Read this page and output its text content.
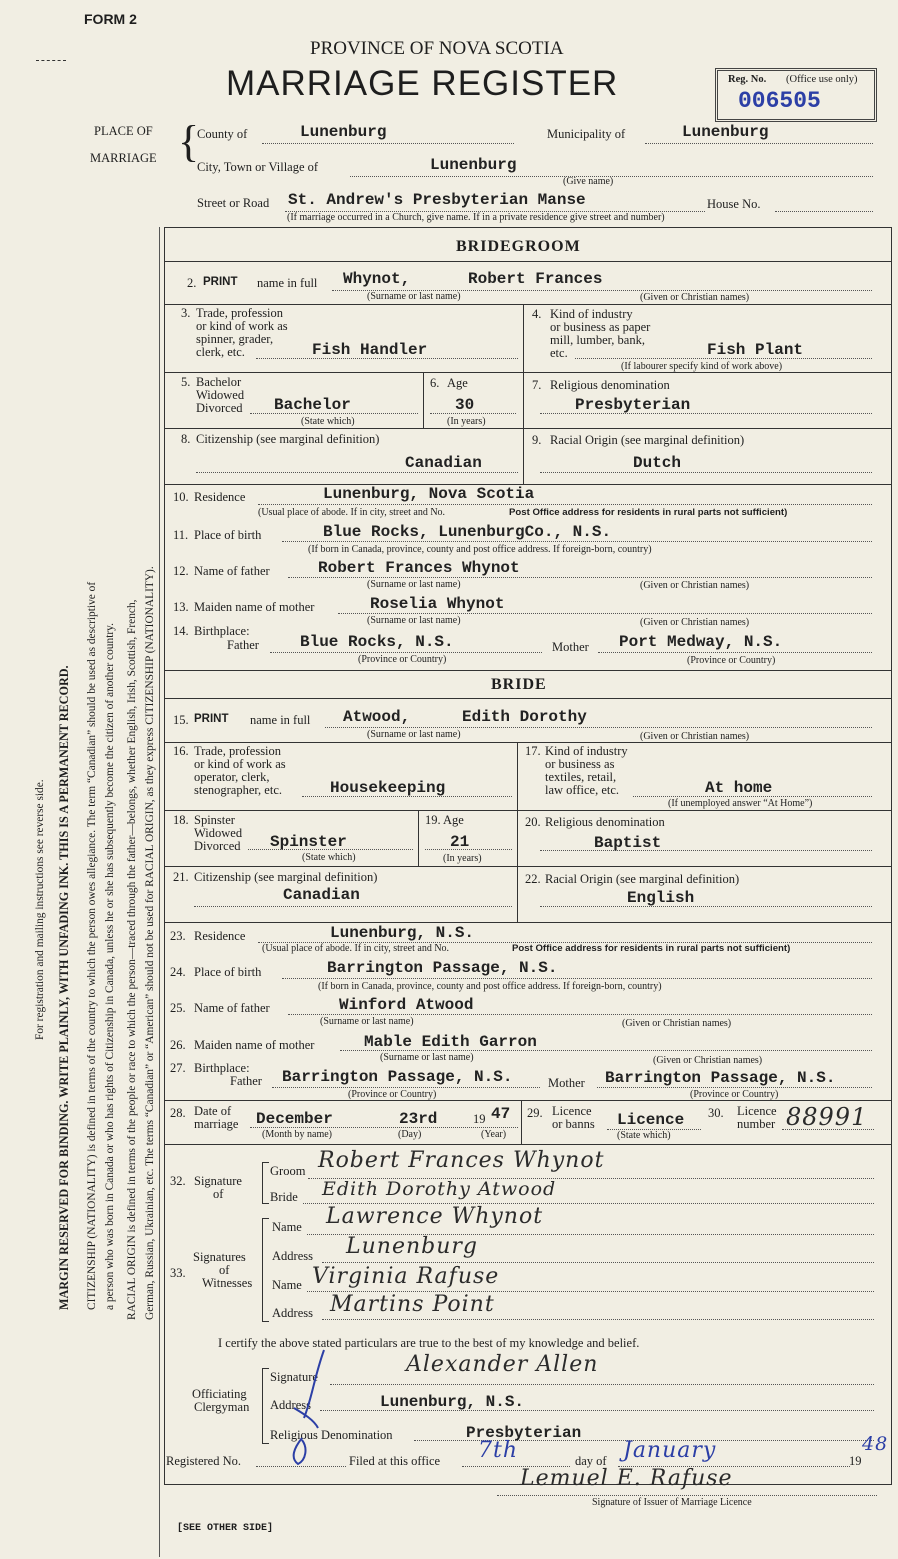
FORM 2
PROVINCE OF NOVA SCOTIA
MARRIAGE REGISTER	Reg. No. (Office use only)
006505
PLACE OF
MARRIAGE {
County of	Lunenburg	Municipality of	Lunenburg
City, Town or Village of	Lunenburg
(Give name)
Street or Road St. Andrew's Presbyterian Manse	House No.
(If marriage occurred in a Church, give name. If in a private residence give street and number)
For registration and mailing instructions see reverse side. MARGIN RESERVED FOR BINDING. WRITE PLAINLY, WITH UNFADING INK. THIS IS A PERMANENT RECORD. CITIZENSHIP (NATIONALITY) is defined in terms of the country to which the person owes allegiance. The term “Canadian” should be used as descriptive of a person who was born in Canada or who has rights of Citizenship in Canada, unless he or she has subsequently become the citizen of another country. RACIAL ORIGIN is defined in terms of the people or race to which the person—traced through the father—belongs, whether English, Irish, Scottish, French, German, Russian, Ukrainian, etc. The terms “Canadian” or “American” should not be used for RACIAL ORIGIN, as they express CITIZENSHIP (NATIONALITY).
BRIDEGROOM
2. PRINT name in full Whynot,	Robert Frances
(Surname or last name)	(Given or Christian names)
3. Trade, profession
or kind of work as
spinner, grader,
clerk, etc.	Fish Handler
4. Kind of industry
or business as paper
mill, lumber, bank,
etc.	Fish Plant
(If labourer specify kind of work above)
5. Bachelor
Widowed
Divorced Bachelor
(State which)
6. Age
30
(In years)
7. Religious denomination
Presbyterian
8. Citizenship (see marginal definition)
Canadian
9. Racial Origin (see marginal definition)
Dutch
10. Residence	Lunenburg, Nova Scotia
(Usual place of abode. If in city, street and No.	Post Office address for residents in rural parts not sufficient)
11. Place of birth	Blue Rocks, LunenburgCo., N.S.
(If born in Canada, province, county and post office address. If foreign-born, country)
12. Name of father	Robert Frances Whynot
(Surname or last name)	(Given or Christian names)
13. Maiden name of mother	Roselia Whynot
(Surname or last name)	(Given or Christian names)
14. Birthplace:
Father	Blue Rocks, N.S.	Mother Port Medway, N.S.
(Province or Country)	(Province or Country)
BRIDE
15. PRINT name in full Atwood,	Edith Dorothy
(Surname or last name)	(Given or Christian names)
16. Trade, profession
or kind of work as
operator, clerk,
stenographer, etc.	Housekeeping
17. Kind of industry
or business as
textiles, retail,
law office, etc.	At home
(If unemployed answer “At Home”)
18. Spinster
Widowed
Divorced Spinster
(State which)
19. Age
21
(In years)
20. Religious denomination
Baptist
21. Citizenship (see marginal definition)
Canadian
22. Racial Origin (see marginal definition)
English
23. Residence	Lunenburg, N.S.
(Usual place of abode. If in city, street and No.	Post Office address for residents in rural parts not sufficient)
24. Place of birth	Barrington Passage, N.S.
(If born in Canada, province, county and post office address. If foreign-born, country)
25. Name of father	Winford Atwood
(Surname or last name)	(Given or Christian names)
26. Maiden name of mother	Mable Edith Garron
(Surname or last name)	(Given or Christian names)
27. Birthplace:
Father Barrington Passage, N.S.	Mother Barrington Passage, N.S.
(Province or Country)	(Province or Country)
28. Date of
marriage December	23rd	19 47
(Month by name)	(Day)	(Year)
29. Licence
or banns Licence
(State which)
30. Licence
number 88991
32. Signature
of
Groom Robert Frances Whynot
Bride Edith Dorothy Atwood
33.
Signatures
of
Witnesses
Name Lawrence Whynot
Address Lunenburg
Name Virginia Rafuse
Address Martins Point
I certify the above stated particulars are true to the best of my knowledge and belief.
Officiating
Clergyman
Signature	Alexander Allen
Address	Lunenburg, N.S.
Religious Denomination	Presbyterian
Registered No.	Filed at this office 7th	day of January	19
48
Lemuel E. Rafuse
Signature of Issuer of Marriage Licence
[SEE OTHER SIDE]
